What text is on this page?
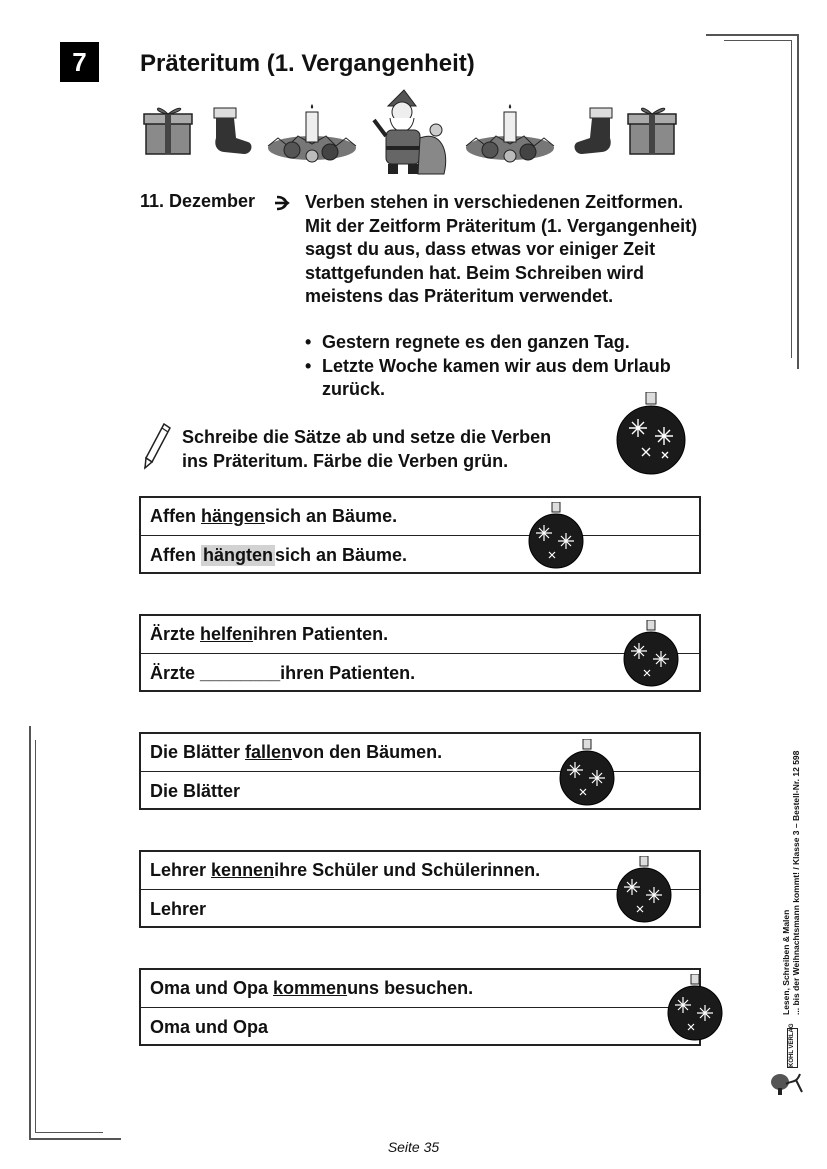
7	Präteritum (1. Vergangenheit)
11. Dezember	Verben stehen in verschiedenen Zeitformen.

Mit der Zeitform Präteritum (1. Vergangenheit)

sagst du aus, dass etwas vor einiger Zeit

stattgefunden hat. Beim Schreiben wird

meistens das Präteritum verwendet.

• Gestern regnete es den ganzen Tag.
• Letzte Woche kamen wir aus dem Urlaub zurück.
Schreibe die Sätze ab und setze die Verben
ins Präteritum. Färbe die Verben grün.
Affen
hängen sich an Bäume.
Affen
hängten sich an Bäume.
Ärzte
helfen ihren Patienten.
Ärzte
________ ihren Patienten.
Die Blätter
fallen von den Bäumen.
Die Blätter
Lehrer
kennen ihre Schüler und Schülerinnen.
Lehrer
Oma und Opa
kommen uns besuchen.
Oma und Opa
Lesen, Schreiben & Malen ... bis der Weihnachtsmann kommt! / Klasse 3 – Bestell-Nr. 12 598
KOHL VERLAG
Seite 35
